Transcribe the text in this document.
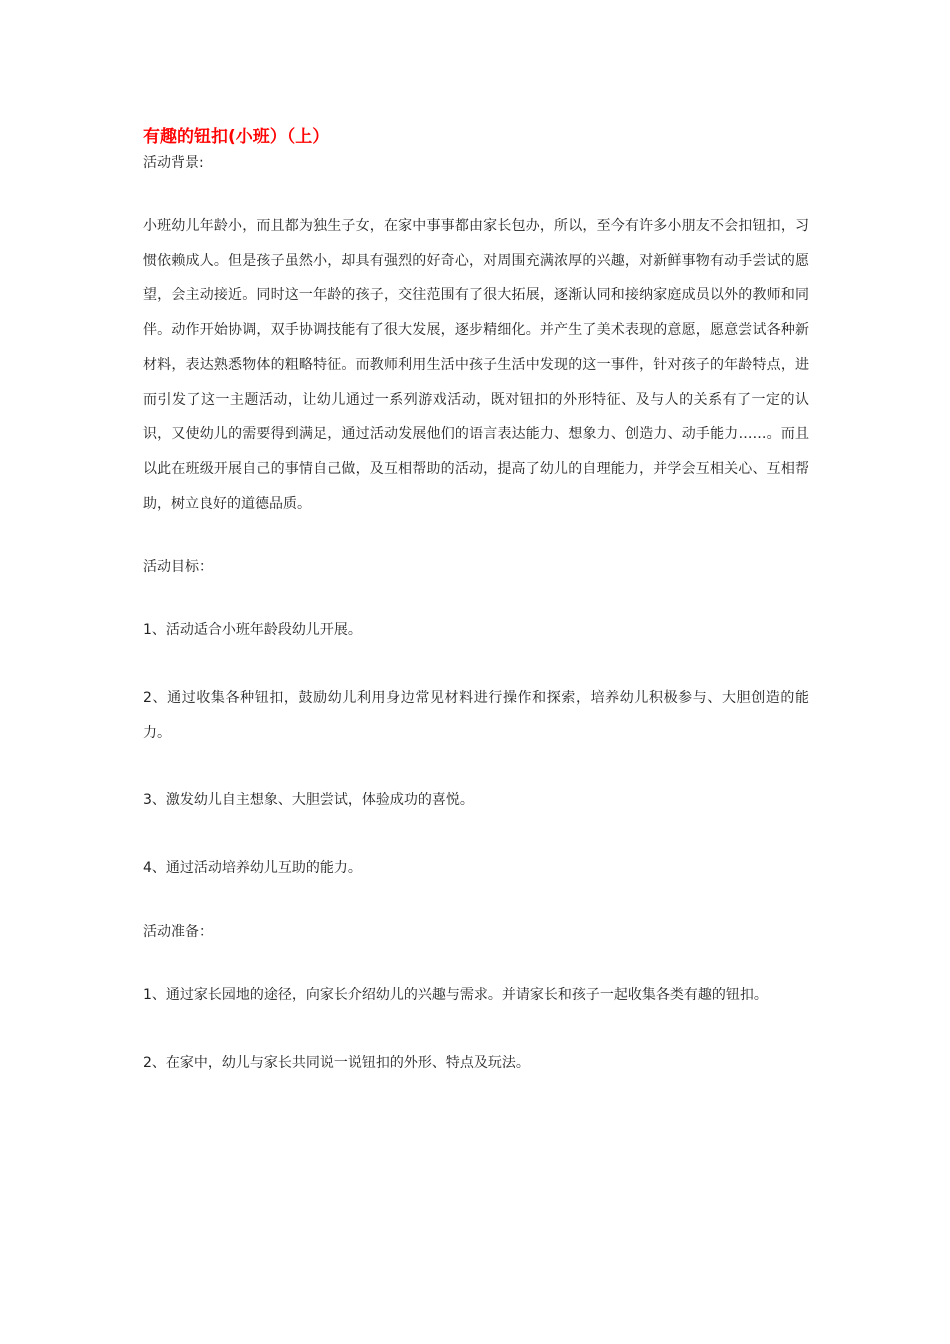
有趣的钮扣(小班）（上）

活动背景:

小班幼儿年龄小，而且都为独生子女，在家中事事都由家长包办，所以，至今有许多小朋友不会扣钮扣，习惯依赖成人。但是孩子虽然小，却具有强烈的好奇心，对周围充满浓厚的兴趣，对新鲜事物有动手尝试的愿望，会主动接近。同时这一年龄的孩子，交往范围有了很大拓展，逐渐认同和接纳家庭成员以外的教师和同伴。动作开始协调，双手协调技能有了很大发展，逐步精细化。并产生了美术表现的意愿，愿意尝试各种新材料，表达熟悉物体的粗略特征。而教师利用生活中孩子生活中发现的这一事件，针对孩子的年龄特点，进而引发了这一主题活动，让幼儿通过一系列游戏活动，既对钮扣的外形特征、及与人的关系有了一定的认识，又使幼儿的需要得到满足，通过活动发展他们的语言表达能力、想象力、创造力、动手能力……。而且以此在班级开展自己的事情自己做，及互相帮助的活动，提高了幼儿的自理能力，并学会互相关心、互相帮助，树立良好的道德品质。

活动目标：

1、活动适合小班年龄段幼儿开展。

2、通过收集各种钮扣，鼓励幼儿利用身边常见材料进行操作和探索，培养幼儿积极参与、大胆创造的能力。

3、激发幼儿自主想象、大胆尝试，体验成功的喜悦。

4、通过活动培养幼儿互助的能力。

活动准备：

1、通过家长园地的途径，向家长介绍幼儿的兴趣与需求。并请家长和孩子一起收集各类有趣的钮扣。

2、在家中，幼儿与家长共同说一说钮扣的外形、特点及玩法。
